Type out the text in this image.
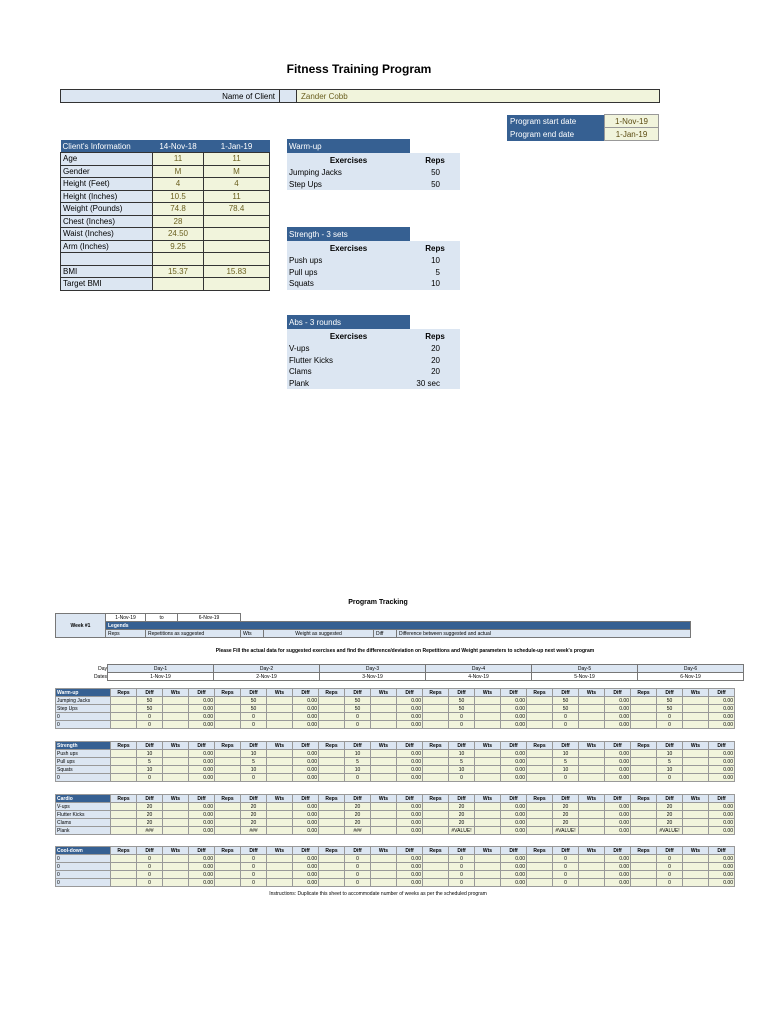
Fitness Training Program
Name of Client		Zander Cobb
Program start date	1-Nov-19
Program end date	1-Jan-19
Client's Information	14-Nov-18	1-Jan-19
Age	11	11
Gender	M	M
Height (Feet)	4	4
Height (Inches)	10.5	11
Weight (Pounds)	74.8	78.4
Chest (Inches)	28	
Waist (Inches)	24.50	
Arm (Inches)	9.25	

BMI	15.37	15.83
Target BMI		
Warm-up	
Exercises	Reps
Jumping Jacks	50
Step Ups	50
Strength - 3 sets	
Exercises	Reps
Push ups	10
Pull ups	5
Squats	10
Abs - 3 rounds	
Exercises	Reps
V-ups	20
Flutter Kicks	20
Clams	20
Plank	30 sec
Program Tracking
Week #1	1-Nov-19	to	6-Nov-19				
	Legends						
	Reps	Repetitions as suggested		Wts	Weight as suggested	Diff	Difference between suggested and actual
Please Fill the actual data for suggested exercises and find the difference/deviation on Repetitions and Weight parameters to schedule-up next week's program
Day	Day-1	Day-2	Day-3	Day-4	Day-5	Day-6
Dates	1-Nov-19	2-Nov-19	3-Nov-19	4-Nov-19	5-Nov-19	6-Nov-19
Warm-up	Reps	Diff	Wts	Diff	Reps	Diff	Wts	Diff	Reps	Diff	Wts	Diff	Reps	Diff	Wts	Diff	Reps	Diff	Wts	Diff	Reps	Diff	Wts	Diff
Jumping Jacks		50		0.00		50		0.00		50		0.00		50		0.00		50		0.00		50		0.00
Step Ups		50		0.00		50		0.00		50		0.00		50		0.00		50		0.00		50		0.00
0		0		0.00		0		0.00		0		0.00		0		0.00		0		0.00		0		0.00
0		0		0.00		0		0.00		0		0.00		0		0.00		0		0.00		0		0.00
Strength	Reps	Diff	Wts	Diff	Reps	Diff	Wts	Diff	Reps	Diff	Wts	Diff	Reps	Diff	Wts	Diff	Reps	Diff	Wts	Diff	Reps	Diff	Wts	Diff
Push ups		10		0.00		10		0.00		10		0.00		10		0.00		10		0.00		10		0.00
Pull ups		5		0.00		5		0.00		5		0.00		5		0.00		5		0.00		5		0.00
Squats		10		0.00		10		0.00		10		0.00		10		0.00		10		0.00		10		0.00
0		0		0.00		0		0.00		0		0.00		0		0.00		0		0.00		0		0.00
Cardio	Reps	Diff	Wts	Diff	Reps	Diff	Wts	Diff	Reps	Diff	Wts	Diff	Reps	Diff	Wts	Diff	Reps	Diff	Wts	Diff	Reps	Diff	Wts	Diff
V-ups		20		0.00		20		0.00		20		0.00		20		0.00		20		0.00		20		0.00
Flutter Kicks		20		0.00		20		0.00		20		0.00		20		0.00		20		0.00		20		0.00
Clams		20		0.00		20		0.00		20		0.00		20		0.00		20		0.00		20		0.00
Plank		###		0.00		###		0.00		###		0.00		#VALUE!		0.00		#VALUE!		0.00		#VALUE!		0.00
Cool-down	Reps	Diff	Wts	Diff	Reps	Diff	Wts	Diff	Reps	Diff	Wts	Diff	Reps	Diff	Wts	Diff	Reps	Diff	Wts	Diff	Reps	Diff	Wts	Diff
0		0		0.00		0		0.00		0		0.00		0		0.00		0		0.00		0		0.00
0		0		0.00		0		0.00		0		0.00		0		0.00		0		0.00		0		0.00
0		0		0.00		0		0.00		0		0.00		0		0.00		0		0.00		0		0.00
0		0		0.00		0		0.00		0		0.00		0		0.00		0		0.00		0		0.00
Instructions: Duplicate this sheet to accommodate number of weeks as per the scheduled program
